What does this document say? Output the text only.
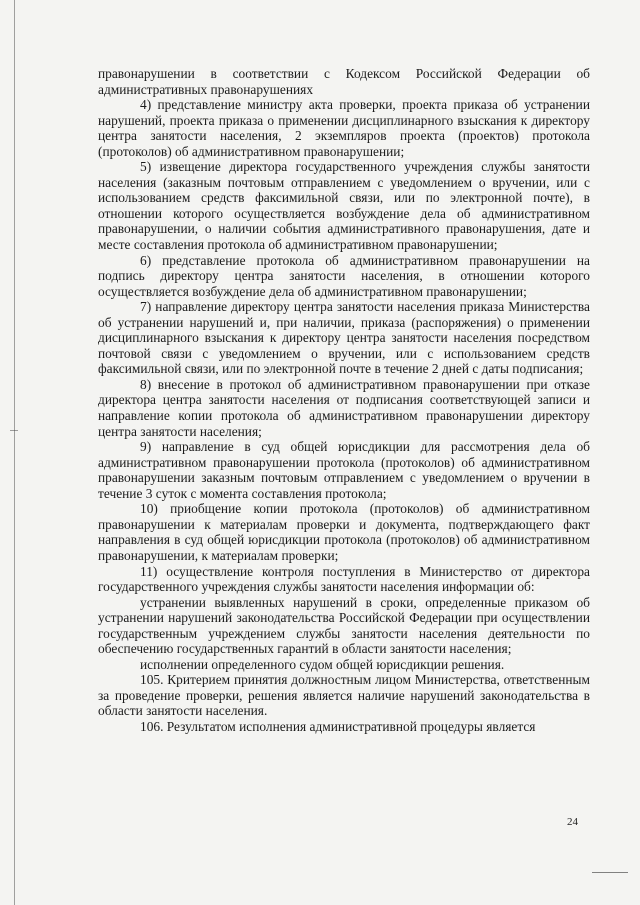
правонарушении в соответствии с Кодексом Российской Федерации об административных правонарушениях

4) представление министру акта проверки, проекта приказа об устранении нарушений, проекта приказа о применении дисциплинарного взыскания к директору центра занятости населения, 2 экземпляров проекта (проектов) протокола (протоколов) об административном правонарушении;

5) извещение директора государственного учреждения службы занятости населения (заказным почтовым отправлением с уведомлением о вручении, или с использованием средств факсимильной связи, или по электронной почте), в отношении которого осуществляется возбуждение дела об административном правонарушении, о наличии события административного правонарушения, дате и месте составления протокола об административном правонарушении;

6) представление протокола об административном правонарушении на подпись директору центра занятости населения, в отношении которого осуществляется возбуждение дела об административном правонарушении;

7) направление директору центра занятости населения приказа Министерства об устранении нарушений и, при наличии, приказа (распоряжения) о применении дисциплинарного взыскания к директору центра занятости населения посредством почтовой связи с уведомлением о вручении, или с использованием средств факсимильной связи, или по электронной почте в течение 2 дней с даты подписания;

8) внесение в протокол об административном правонарушении при отказе директора центра занятости населения от подписания соответствующей записи и направление копии протокола об административном правонарушении директору центра занятости населения;

9) направление в суд общей юрисдикции для рассмотрения дела об административном правонарушении протокола (протоколов) об административном правонарушении заказным почтовым отправлением с уведомлением о вручении в течение 3 суток с момента составления протокола;

10) приобщение копии протокола (протоколов) об административном правонарушении к материалам проверки и документа, подтверждающего факт направления в суд общей юрисдикции протокола (протоколов) об административном правонарушении, к материалам проверки;

11) осуществление контроля поступления в Министерство от директора государственного учреждения службы занятости населения информации об:

устранении выявленных нарушений в сроки, определенные приказом об устранении нарушений законодательства Российской Федерации при осуществлении государственным учреждением службы занятости населения деятельности по обеспечению государственных гарантий в области занятости населения;

исполнении определенного судом общей юрисдикции решения.

105. Критерием принятия должностным лицом Министерства, ответственным за проведение проверки, решения является наличие нарушений законодательства в области занятости населения.

106. Результатом исполнения административной процедуры является

24
